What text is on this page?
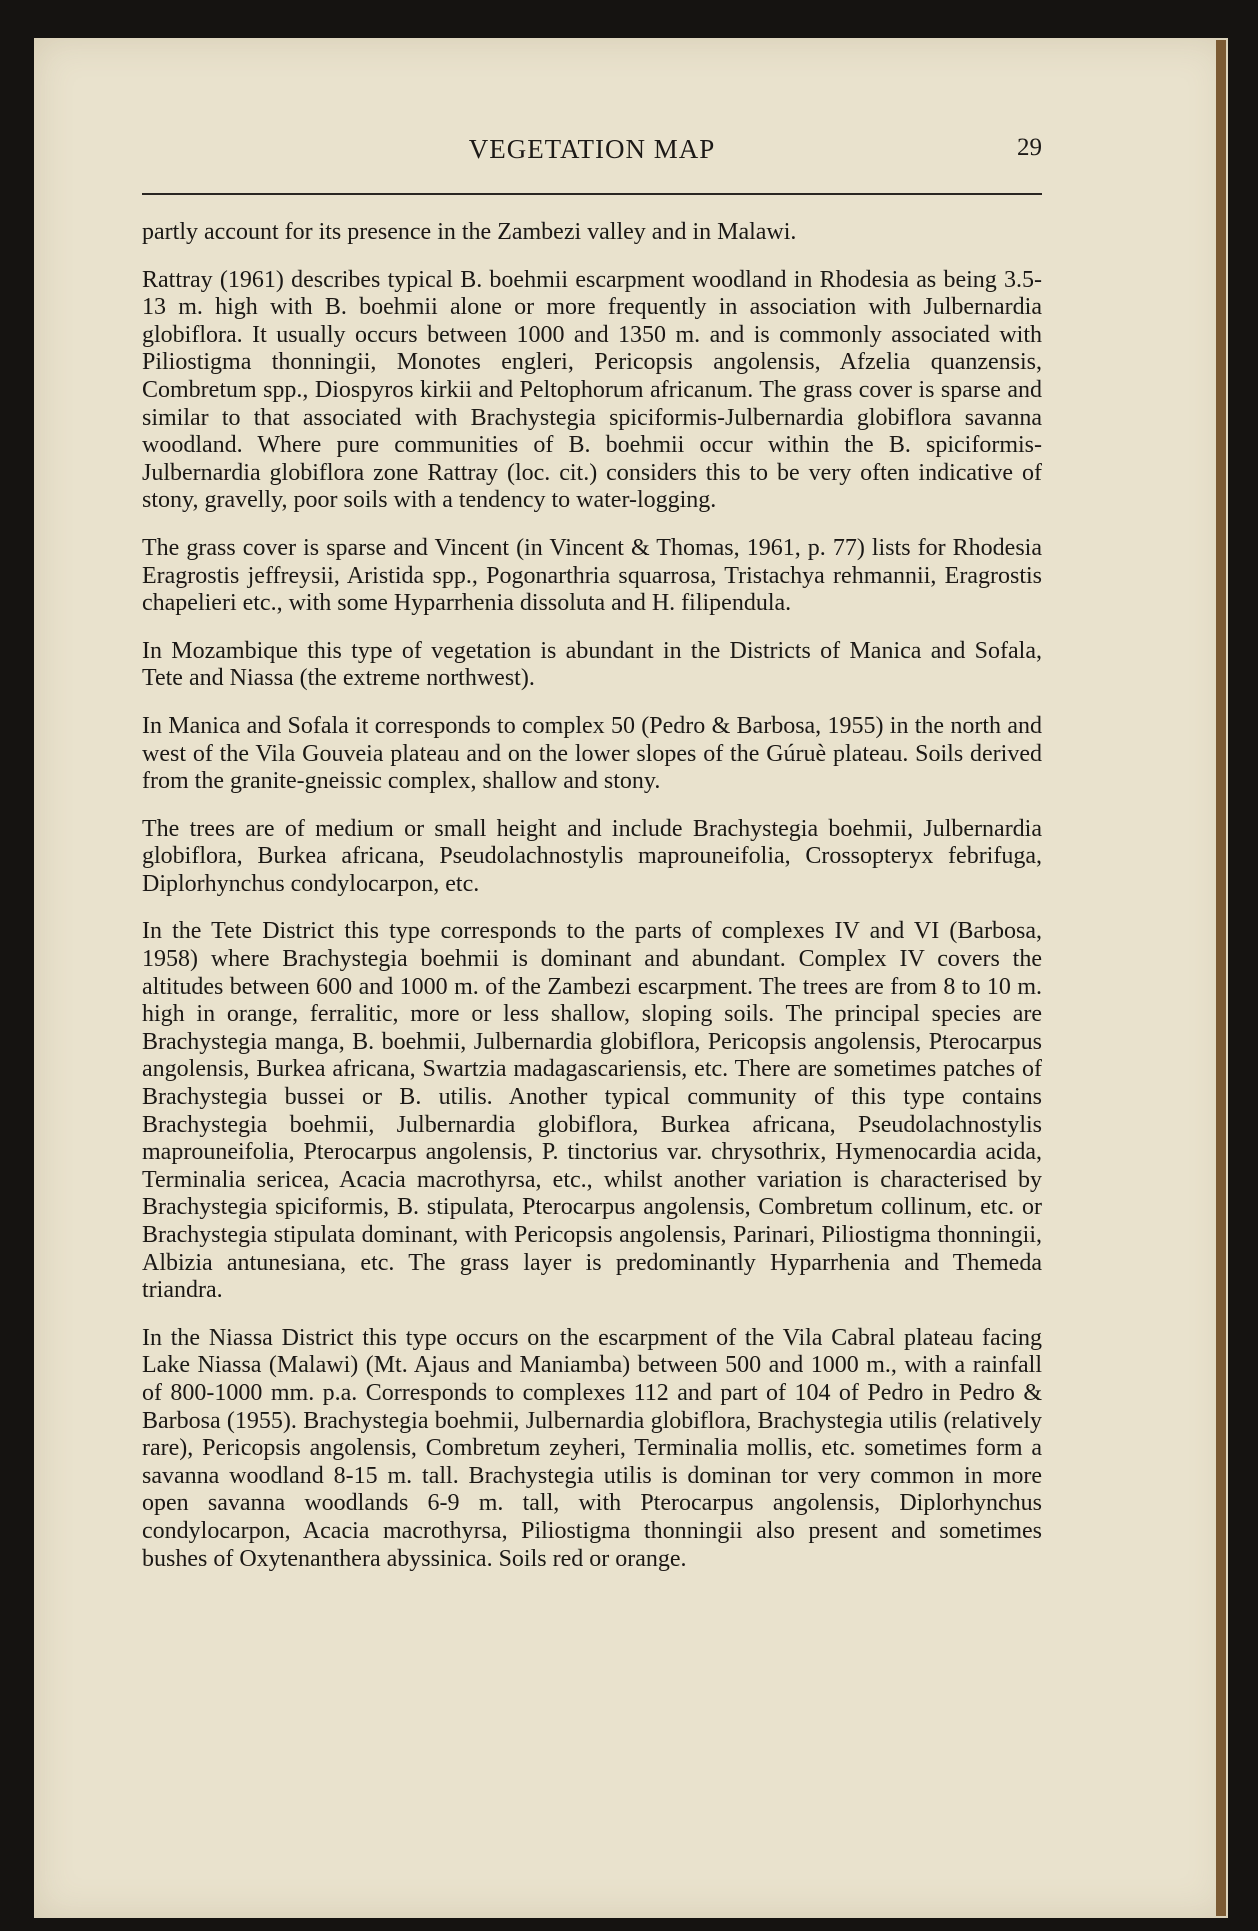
VEGETATION MAP	29

partly account for its presence in the Zambezi valley and in Malawi.

Rattray (1961) describes typical B. boehmii escarpment woodland in Rhodesia as being 3.5-13 m. high with B. boehmii alone or more frequently in association with Julbernardia globiflora. It usually occurs between 1000 and 1350 m. and is commonly associated with Piliostigma thonningii, Monotes engleri, Pericopsis angolensis, Afzelia quanzensis, Combretum spp., Diospyros kirkii and Peltophorum africanum. The grass cover is sparse and similar to that associated with Brachystegia spiciformis-Julbernardia globiflora savanna woodland. Where pure communities of B. boehmii occur within the B. spiciformis-Julbernardia globiflora zone Rattray (loc. cit.) considers this to be very often indicative of stony, gravelly, poor soils with a tendency to water-logging.

The grass cover is sparse and Vincent (in Vincent & Thomas, 1961, p. 77) lists for Rhodesia Eragrostis jeffreysii, Aristida spp., Pogonarthria squarrosa, Tristachya rehmannii, Eragrostis chapelieri etc., with some Hyparrhenia dissoluta and H. filipendula.

In Mozambique this type of vegetation is abundant in the Districts of Manica and Sofala, Tete and Niassa (the extreme northwest).

In Manica and Sofala it corresponds to complex 50 (Pedro & Barbosa, 1955) in the north and west of the Vila Gouveia plateau and on the lower slopes of the Gúruè plateau. Soils derived from the granite-gneissic complex, shallow and stony.

The trees are of medium or small height and include Brachystegia boehmii, Julbernardia globiflora, Burkea africana, Pseudolachnostylis maprouneifolia, Crossopteryx febrifuga, Diplorhynchus condylocarpon, etc.

In the Tete District this type corresponds to the parts of complexes IV and VI (Barbosa, 1958) where Brachystegia boehmii is dominant and abundant. Complex IV covers the altitudes between 600 and 1000 m. of the Zambezi escarpment. The trees are from 8 to 10 m. high in orange, ferralitic, more or less shallow, sloping soils. The principal species are Brachystegia manga, B. boehmii, Julbernardia globiflora, Pericopsis angolensis, Pterocarpus angolensis, Burkea africana, Swartzia madagascariensis, etc. There are sometimes patches of Brachystegia bussei or B. utilis. Another typical community of this type contains Brachystegia boehmii, Julbernardia globiflora, Burkea africana, Pseudolachnostylis maprouneifolia, Pterocarpus angolensis, P. tinctorius var. chrysothrix, Hymenocardia acida, Terminalia sericea, Acacia macrothyrsa, etc., whilst another variation is characterised by Brachystegia spiciformis, B. stipulata, Pterocarpus angolensis, Combretum collinum, etc. or Brachystegia stipulata dominant, with Pericopsis angolensis, Parinari, Piliostigma thonningii, Albizia antunesiana, etc. The grass layer is predominantly Hyparrhenia and Themeda triandra.

In the Niassa District this type occurs on the escarpment of the Vila Cabral plateau facing Lake Niassa (Malawi) (Mt. Ajaus and Maniamba) between 500 and 1000 m., with a rainfall of 800-1000 mm. p.a. Corresponds to complexes 112 and part of 104 of Pedro in Pedro & Barbosa (1955). Brachystegia boehmii, Julbernardia globiflora, Brachystegia utilis (relatively rare), Pericopsis angolensis, Combretum zeyheri, Terminalia mollis, etc. sometimes form a savanna woodland 8-15 m. tall. Brachystegia utilis is dominan tor very common in more open savanna woodlands 6-9 m. tall, with Pterocarpus angolensis, Diplorhynchus condylocarpon, Acacia macrothyrsa, Piliostigma thonningii also present and sometimes bushes of Oxytenanthera abyssinica. Soils red or orange.
